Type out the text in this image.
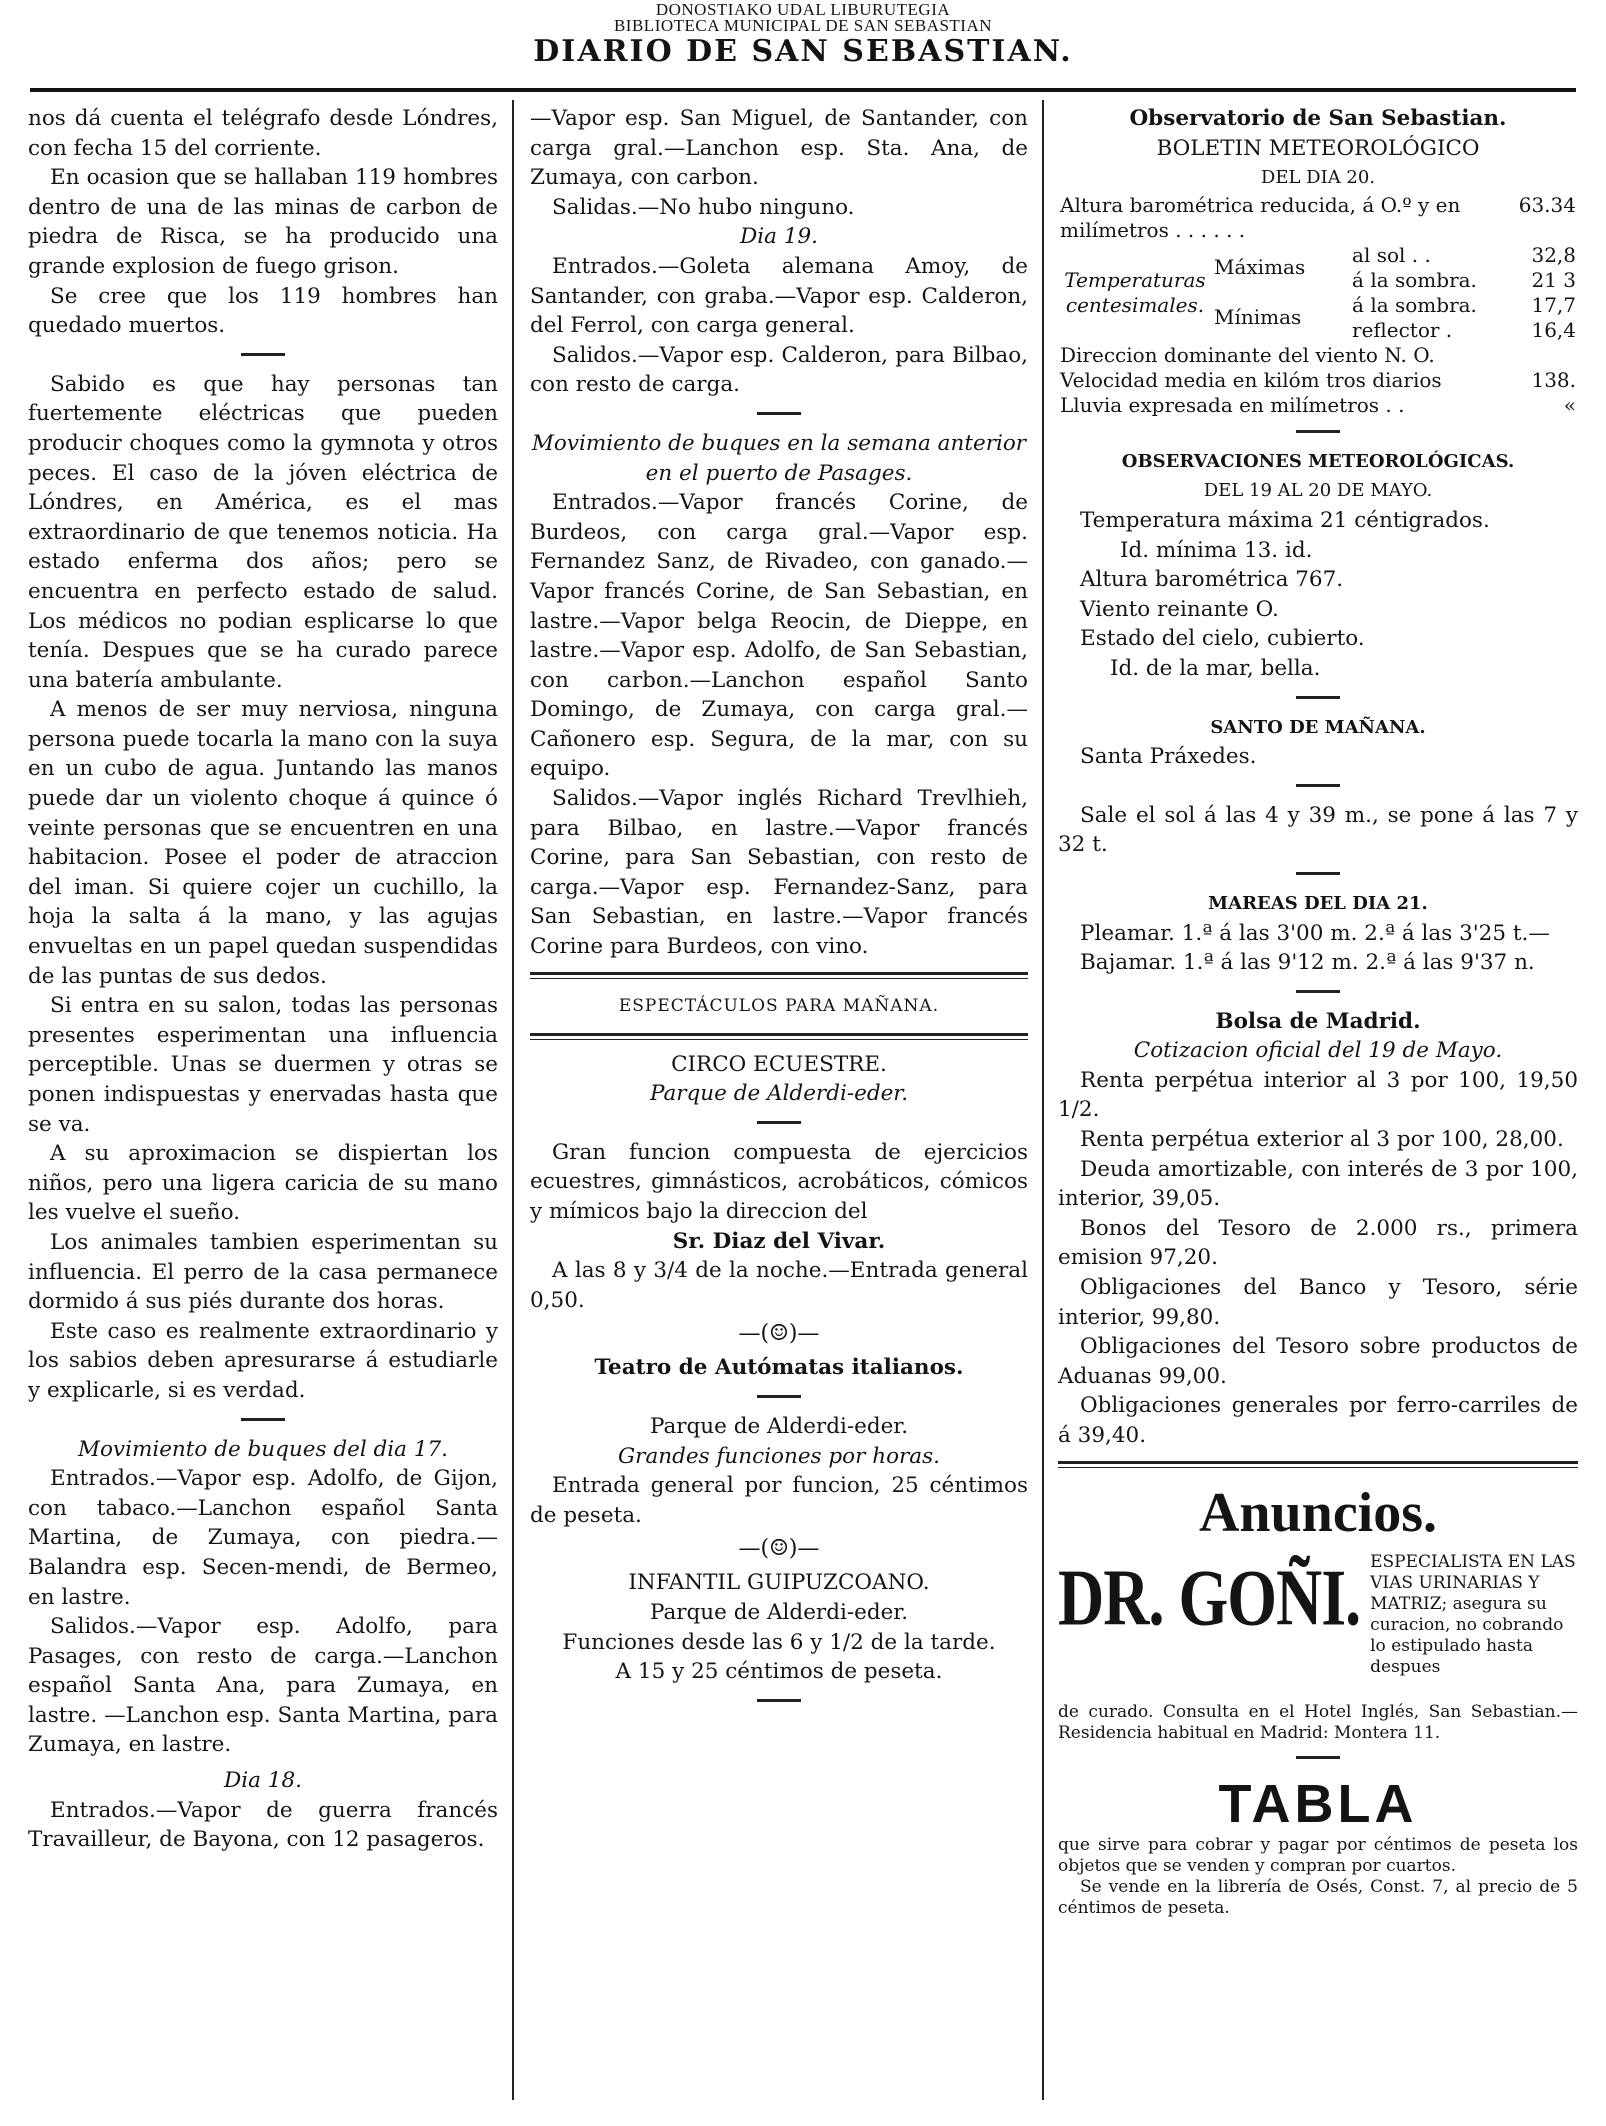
DONOSTIAKO UDAL LIBURUTEGIA
BIBLIOTECA MUNICIPAL DE SAN SEBASTIAN
DIARIO DE SAN SEBASTIAN.

nos dá cuenta el telégrafo desde Lóndres, con fecha 15 del corriente.

En ocasion que se hallaban 119 hombres dentro de una de las minas de carbon de piedra de Risca, se ha producido una grande explosion de fuego grison.

Se cree que los 119 hombres han quedado muertos.

Sabido es que hay personas tan fuertemente eléctricas que pueden producir choques como la gymnota y otros peces. El caso de la jóven eléctrica de Lóndres, en América, es el mas extraordinario de que tenemos noticia. Ha estado enferma dos años; pero se encuentra en perfecto estado de salud. Los médicos no podian esplicarse lo que tenía. Despues que se ha curado parece una batería ambulante.

A menos de ser muy nerviosa, ninguna persona puede tocarla la mano con la suya en un cubo de agua. Juntando las manos puede dar un violento choque á quince ó veinte personas que se encuentren en una habitacion. Posee el poder de atraccion del iman. Si quiere cojer un cuchillo, la hoja la salta á la mano, y las agujas envueltas en un papel quedan suspendidas de las puntas de sus dedos.

Si entra en su salon, todas las personas presentes esperimentan una influencia perceptible. Unas se duermen y otras se ponen indispuestas y enervadas hasta que se va.

A su aproximacion se dispiertan los niños, pero una ligera caricia de su mano les vuelve el sueño.

Los animales tambien esperimentan su influencia. El perro de la casa permanece dormido á sus piés durante dos horas.

Este caso es realmente extraordinario y los sabios deben apresurarse á estudiarle y explicarle, si es verdad.

Movimiento de buques del dia 17.

Entrados.—Vapor esp. Adolfo, de Gijon, con tabaco.—Lanchon español Santa Martina, de Zumaya, con piedra.—Balandra esp. Secen-mendi, de Bermeo, en lastre.

Salidos.—Vapor esp. Adolfo, para Pasages, con resto de carga.—Lanchon español Santa Ana, para Zumaya, en lastre. —Lanchon esp. Santa Martina, para Zumaya, en lastre.

Dia 18.

Entrados.—Vapor de guerra francés Travailleur, de Bayona, con 12 pasageros.

—Vapor esp. San Miguel, de Santander, con carga gral.—Lanchon esp. Sta. Ana, de Zumaya, con carbon.

Salidas.—No hubo ninguno.

Dia 19.

Entrados.—Goleta alemana Amoy, de Santander, con graba.—Vapor esp. Calderon, del Ferrol, con carga general.

Salidos.—Vapor esp. Calderon, para Bilbao, con resto de carga.

Movimiento de buques en la semana anterior en el puerto de Pasages.

Entrados.—Vapor francés Corine, de Burdeos, con carga gral.—Vapor esp. Fernandez Sanz, de Rivadeo, con ganado.—Vapor francés Corine, de San Sebastian, en lastre.—Vapor belga Reocin, de Dieppe, en lastre.—Vapor esp. Adolfo, de San Sebastian, con carbon.—Lanchon español Santo Domingo, de Zumaya, con carga gral.—Cañonero esp. Segura, de la mar, con su equipo.

Salidos.—Vapor inglés Richard Trevlhieh, para Bilbao, en lastre.—Vapor francés Corine, para San Sebastian, con resto de carga.—Vapor esp. Fernandez-Sanz, para San Sebastian, en lastre.—Vapor francés Corine para Burdeos, con vino.

ESPECTÁCULOS PARA MAÑANA.

CIRCO ECUESTRE.

Parque de Alderdi-eder.

Gran funcion compuesta de ejercicios ecuestres, gimnásticos, acrobáticos, cómicos y mímicos bajo la direccion del

Sr. Diaz del Vivar.

A las 8 y 3/4 de la noche.—Entrada general 0,50.

—(☺)—

Teatro de Autómatas italianos.

Parque de Alderdi-eder.

Grandes funciones por horas.

Entrada general por funcion, 25 céntimos de peseta.

—(☺)—

INFANTIL GUIPUZCOANO.

Parque de Alderdi-eder.

Funciones desde las 6 y 1/2 de la tarde.

A 15 y 25 céntimos de peseta.

Observatorio de San Sebastian.

BOLETIN METEOROLÓGICO

DEL DIA 20.

Altura barométrica reducida, á O.º y en milímetros . . . . . .			63.34
Temperaturas centesimales.	Máximas	al sol . .	32,8
		á la sombra.	21 3
	Mínimas	á la sombra.	17,7
		reflector .	16,4
Direccion dominante del viento N. O.			
Velocidad media en kilóm tros diarios			138.
Lluvia expresada en milímetros . .			«

OBSERVACIONES METEOROLÓGICAS.

DEL 19 AL 20 DE MAYO.

Temperatura máxima 21 céntigrados.

Id. mínima 13. id.

Altura barométrica 767.

Viento reinante O.

Estado del cielo, cubierto.

Id. de la mar, bella.

SANTO DE MAÑANA.

Santa Práxedes.

Sale el sol á las 4 y 39 m., se pone á las 7 y 32 t.

MAREAS DEL DIA 21.

Pleamar. 1.ª á las 3'00 m. 2.ª á las 3'25 t.—

Bajamar. 1.ª á las 9'12 m. 2.ª á las 9'37 n.

Bolsa de Madrid.

Cotizacion oficial del 19 de Mayo.

Renta perpétua interior al 3 por 100, 19,50 1/2.

Renta perpétua exterior al 3 por 100, 28,00.

Deuda amortizable, con interés de 3 por 100, interior, 39,05.

Bonos del Tesoro de 2.000 rs., primera emision 97,20.

Obligaciones del Banco y Tesoro, série interior, 99,80.

Obligaciones del Tesoro sobre productos de Aduanas 99,00.

Obligaciones generales por ferro-carriles de á 39,40.

Anuncios.
DR. GOÑI. ESPECIALISTA EN LAS VIAS URINARIAS Y MATRIZ; asegura su curacion, no cobrando lo estipulado hasta despues

de curado. Consulta en el Hotel Inglés, San Sebastian.—Residencia habitual en Madrid: Montera 11.

TABLA

que sirve para cobrar y pagar por céntimos de peseta los objetos que se venden y compran por cuartos.

Se vende en la librería de Osés, Const. 7, al precio de 5 céntimos de peseta.
